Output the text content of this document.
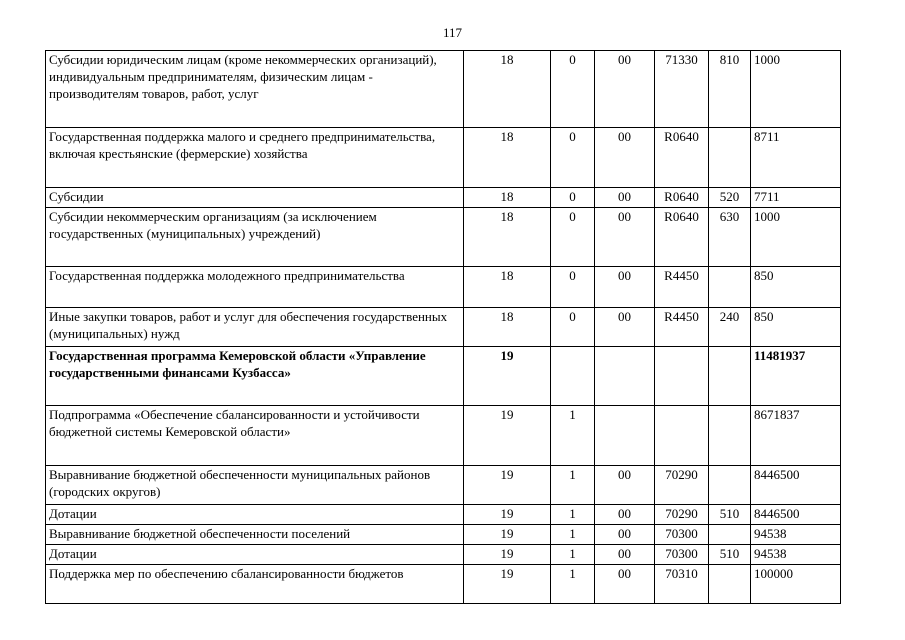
117
Субсидии юридическим лицам (кроме некоммерческих организаций), индивидуальным предпринимателям, физическим лицам - производителям товаров, работ, услуг	18	0	00	71330	810	1000
Государственная поддержка малого и среднего предпринимательства, включая крестьянские (фермерские) хозяйства	18	0	00	R0640		8711
Субсидии	18	0	00	R0640	520	7711
Субсидии некоммерческим организациям (за исключением государственных (муниципальных) учреждений)	18	0	00	R0640	630	1000
Государственная поддержка молодежного предпринимательства	18	0	00	R4450		850
Иные закупки товаров, работ и услуг для обеспечения государственных (муниципальных) нужд	18	0	00	R4450	240	850
Государственная программа Кемеровской области «Управление государственными финансами Кузбасса»	19					11481937
Подпрограмма «Обеспечение сбалансированности и устойчивости бюджетной системы Кемеровской области»	19	1				8671837
Выравнивание бюджетной обеспеченности муниципальных районов (городских округов)	19	1	00	70290		8446500
Дотации	19	1	00	70290	510	8446500
Выравнивание бюджетной обеспеченности поселений	19	1	00	70300		94538
Дотации	19	1	00	70300	510	94538
Поддержка мер по обеспечению сбалансированности бюджетов	19	1	00	70310		100000
